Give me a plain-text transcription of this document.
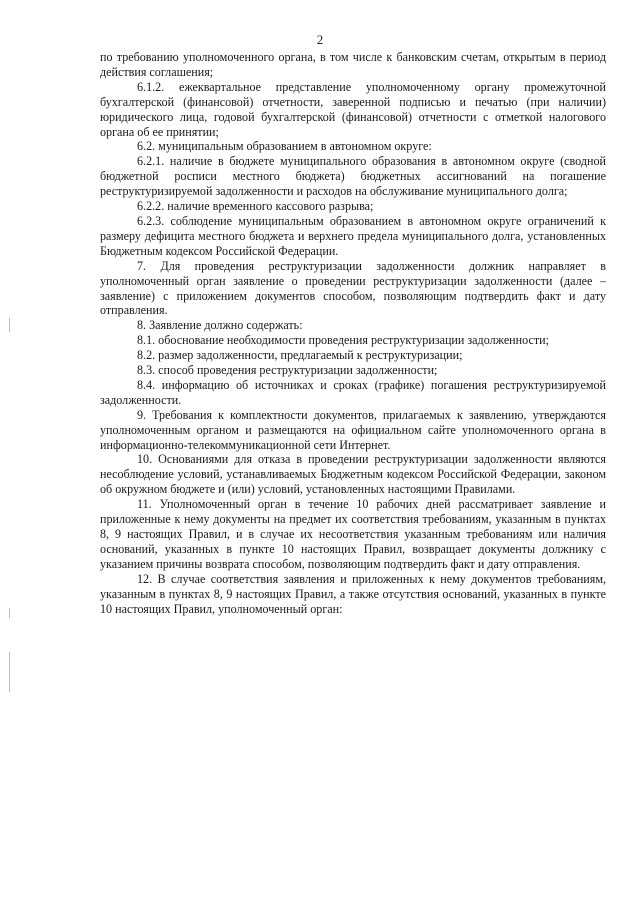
2

по требованию уполномоченного органа, в том числе к банковским счетам, открытым в период действия соглашения;

6.1.2. ежеквартальное представление уполномоченному органу промежуточной бухгалтерской (финансовой) отчетности, заверенной подписью и печатью (при наличии) юридического лица, годовой бухгалтерской (финансовой) отчетности с отметкой налогового органа об ее принятии;

6.2. муниципальным образованием в автономном округе:

6.2.1. наличие в бюджете муниципального образования в автономном округе (сводной бюджетной росписи местного бюджета) бюджетных ассигнований на погашение реструктуризируемой задолженности и расходов на обслуживание муниципального долга;

6.2.2. наличие временного кассового разрыва;

6.2.3. соблюдение муниципальным образованием в автономном округе ограничений к размеру дефицита местного бюджета и верхнего предела муниципального долга, установленных Бюджетным кодексом Российской Федерации.

7. Для проведения реструктуризации задолженности должник направляет в уполномоченный орган заявление о проведении реструктуризации задолженности (далее – заявление) с приложением документов способом, позволяющим подтвердить факт и дату отправления.

8. Заявление должно содержать:

8.1. обоснование необходимости проведения реструктуризации задолженности;

8.2. размер задолженности, предлагаемый к реструктуризации;

8.3. способ проведения реструктуризации задолженности;

8.4. информацию об источниках и сроках (графике) погашения реструктуризируемой задолженности.

9. Требования к комплектности документов, прилагаемых к заявлению, утверждаются уполномоченным органом и размещаются на официальном сайте уполномоченного органа в информационно-телекоммуникационной сети Интернет.

10. Основаниями для отказа в проведении реструктуризации задолженности являются несоблюдение условий, устанавливаемых Бюджетным кодексом Российской Федерации, законом об окружном бюджете и (или) условий, установленных настоящими Правилами.

11. Уполномоченный орган в течение 10 рабочих дней рассматривает заявление и приложенные к нему документы на предмет их соответствия требованиям, указанным в пунктах 8, 9 настоящих Правил, и в случае их несоответствия указанным требованиям или наличия оснований, указанных в пункте 10 настоящих Правил, возвращает документы должнику с указанием причины возврата способом, позволяющим подтвердить факт и дату отправления.

12. В случае соответствия заявления и приложенных к нему документов требованиям, указанным в пунктах 8, 9 настоящих Правил, а также отсутствия оснований, указанных в пункте 10 настоящих Правил, уполномоченный орган:
